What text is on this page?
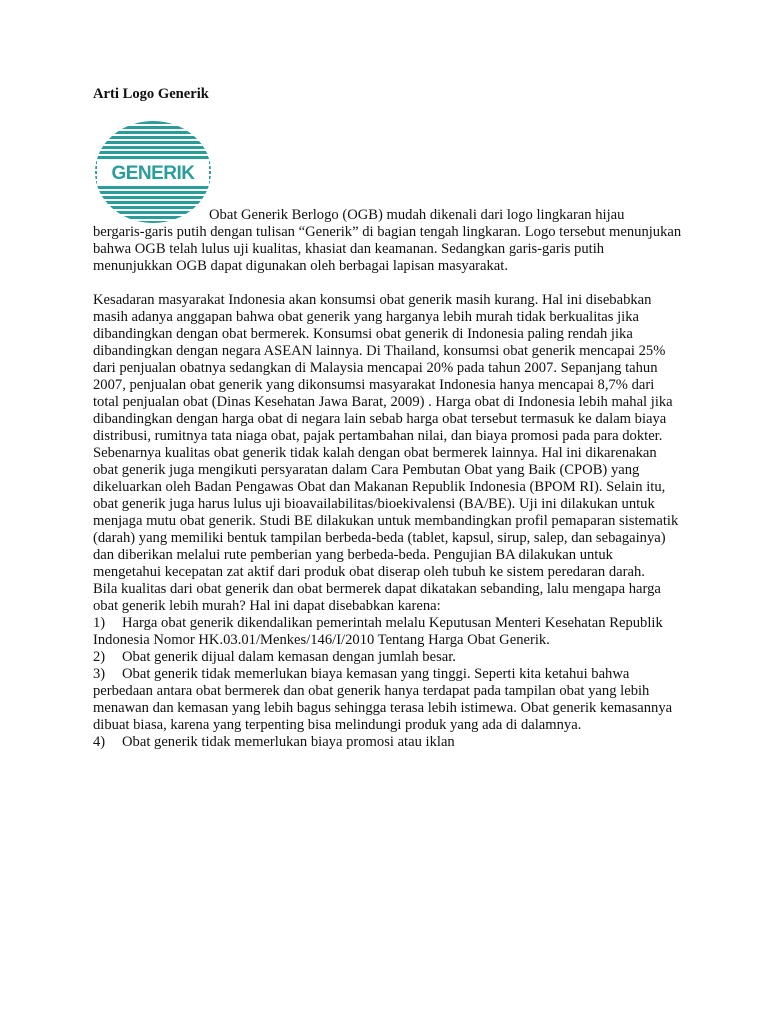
Arti Logo Generik
GENERIK
Obat Generik Berlogo (OGB) mudah dikenali dari logo lingkaran hijau

bergaris-garis putih dengan tulisan “Generik” di bagian tengah lingkaran. Logo tersebut menunjukan bahwa OGB telah lulus uji kualitas, khasiat dan keamanan. Sedangkan garis-garis putih menunjukkan OGB dapat digunakan oleh berbagai lapisan masyarakat.

Kesadaran masyarakat Indonesia akan konsumsi obat generik masih kurang. Hal ini disebabkan masih adanya anggapan bahwa obat generik yang harganya lebih murah tidak berkualitas jika dibandingkan dengan obat bermerek. Konsumsi obat generik di Indonesia paling rendah jika dibandingkan dengan negara ASEAN lainnya. Di Thailand, konsumsi obat generik mencapai 25% dari penjualan obatnya sedangkan di Malaysia mencapai 20% pada tahun 2007. Sepanjang tahun 2007, penjualan obat generik yang dikonsumsi masyarakat Indonesia hanya mencapai 8,7% dari total penjualan obat (Dinas Kesehatan Jawa Barat, 2009) . Harga obat di Indonesia lebih mahal jika dibandingkan dengan harga obat di negara lain sebab harga obat tersebut termasuk ke dalam biaya distribusi, rumitnya tata niaga obat, pajak pertambahan nilai, dan biaya promosi pada para dokter.

Sebenarnya kualitas obat generik tidak kalah dengan obat bermerek lainnya. Hal ini dikarenakan obat generik juga mengikuti persyaratan dalam Cara Pembutan Obat yang Baik (CPOB) yang dikeluarkan oleh Badan Pengawas Obat dan Makanan Republik Indonesia (BPOM RI). Selain itu, obat generik juga harus lulus uji bioavailabilitas/bioekivalensi (BA/BE). Uji ini dilakukan untuk menjaga mutu obat generik. Studi BE dilakukan untuk membandingkan profil pemaparan sistematik (darah) yang memiliki bentuk tampilan berbeda-beda (tablet, kapsul, sirup, salep, dan sebagainya) dan diberikan melalui rute pemberian yang berbeda-beda. Pengujian BA dilakukan untuk mengetahui kecepatan zat aktif dari produk obat diserap oleh tubuh ke sistem peredaran darah.

Bila kualitas dari obat generik dan obat bermerek dapat dikatakan sebanding, lalu mengapa harga obat generik lebih murah? Hal ini dapat disebabkan karena:

1) Harga obat generik dikendalikan pemerintah melalu Keputusan Menteri Kesehatan Republik Indonesia Nomor HK.03.01/Menkes/146/I/2010 Tentang Harga Obat Generik.

2) Obat generik dijual dalam kemasan dengan jumlah besar.

3) Obat generik tidak memerlukan biaya kemasan yang tinggi. Seperti kita ketahui bahwa perbedaan antara obat bermerek dan obat generik hanya terdapat pada tampilan obat yang lebih menawan dan kemasan yang lebih bagus sehingga terasa lebih istimewa. Obat generik kemasannya dibuat biasa, karena yang terpenting bisa melindungi produk yang ada di dalamnya.

4) Obat generik tidak memerlukan biaya promosi atau iklan
